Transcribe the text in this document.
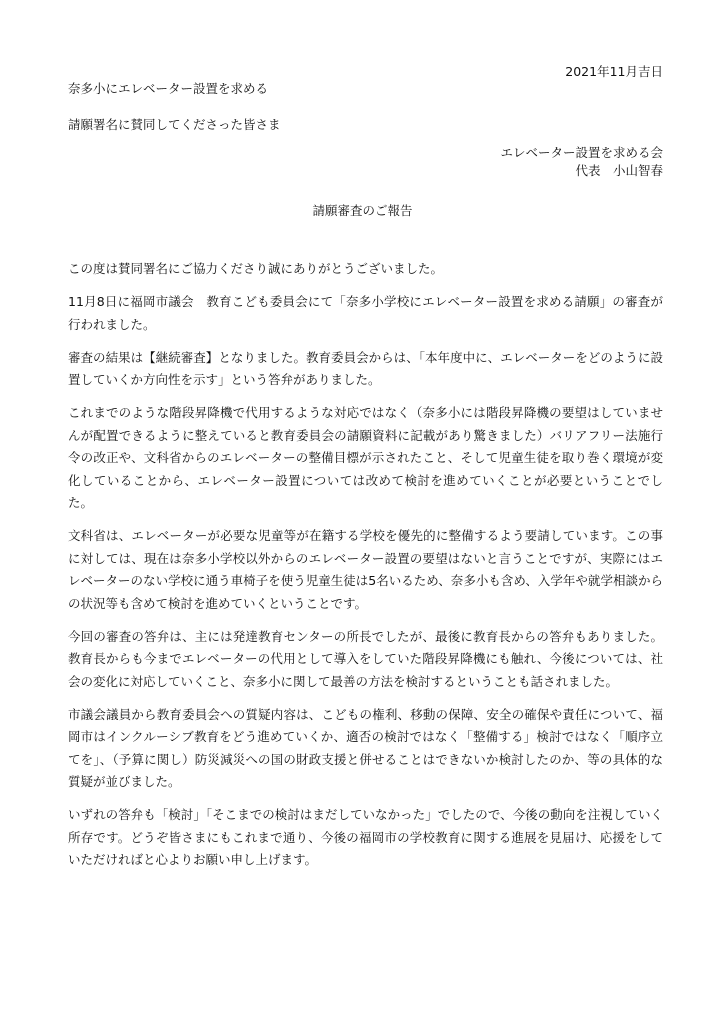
2021年11月吉日
奈多小にエレベーター設置を求める
請願署名に賛同してくださった皆さま
エレベーター設置を求める会
代表　小山智春
請願審査のご報告

この度は賛同署名にご協力くださり誠にありがとうございました。

11月8日に福岡市議会　教育こども委員会にて「奈多小学校にエレベーター設置を求める請願」の審査が行われました。

審査の結果は【継続審査】となりました。教育委員会からは、「本年度中に、エレベーターをどのように設置していくか方向性を示す」という答弁がありました。

これまでのような階段昇降機で代用するような対応ではなく（奈多小には階段昇降機の要望はしていませんが配置できるように整えていると教育委員会の請願資料に記載があり驚きました）バリアフリー法施行令の改正や、文科省からのエレベーターの整備目標が示されたこと、そして児童生徒を取り巻く環境が変化していることから、エレベーター設置については改めて検討を進めていくことが必要ということでした。

文科省は、エレベーターが必要な児童等が在籍する学校を優先的に整備するよう要請しています。この事に対しては、現在は奈多小学校以外からのエレベーター設置の要望はないと言うことですが、実際にはエレベーターのない学校に通う車椅子を使う児童生徒は5名いるため、奈多小も含め、入学年や就学相談からの状況等も含めて検討を進めていくということです。

今回の審査の答弁は、主には発達教育センターの所長でしたが、最後に教育長からの答弁もありました。教育長からも今までエレベーターの代用として導入をしていた階段昇降機にも触れ、今後については、社会の変化に対応していくこと、奈多小に関して最善の方法を検討するということも話されました。

市議会議員から教育委員会への質疑内容は、こどもの権利、移動の保障、安全の確保や責任について、福岡市はインクルーシブ教育をどう進めていくか、適否の検討ではなく「整備する」検討ではなく「順序立てを」、（予算に関し）防災減災への国の財政支援と併せることはできないか検討したのか、等の具体的な質疑が並びました。

いずれの答弁も「検討」「そこまでの検討はまだしていなかった」でしたので、今後の動向を注視していく所存です。どうぞ皆さまにもこれまで通り、今後の福岡市の学校教育に関する進展を見届け、応援をしていただければと心よりお願い申し上げます。
